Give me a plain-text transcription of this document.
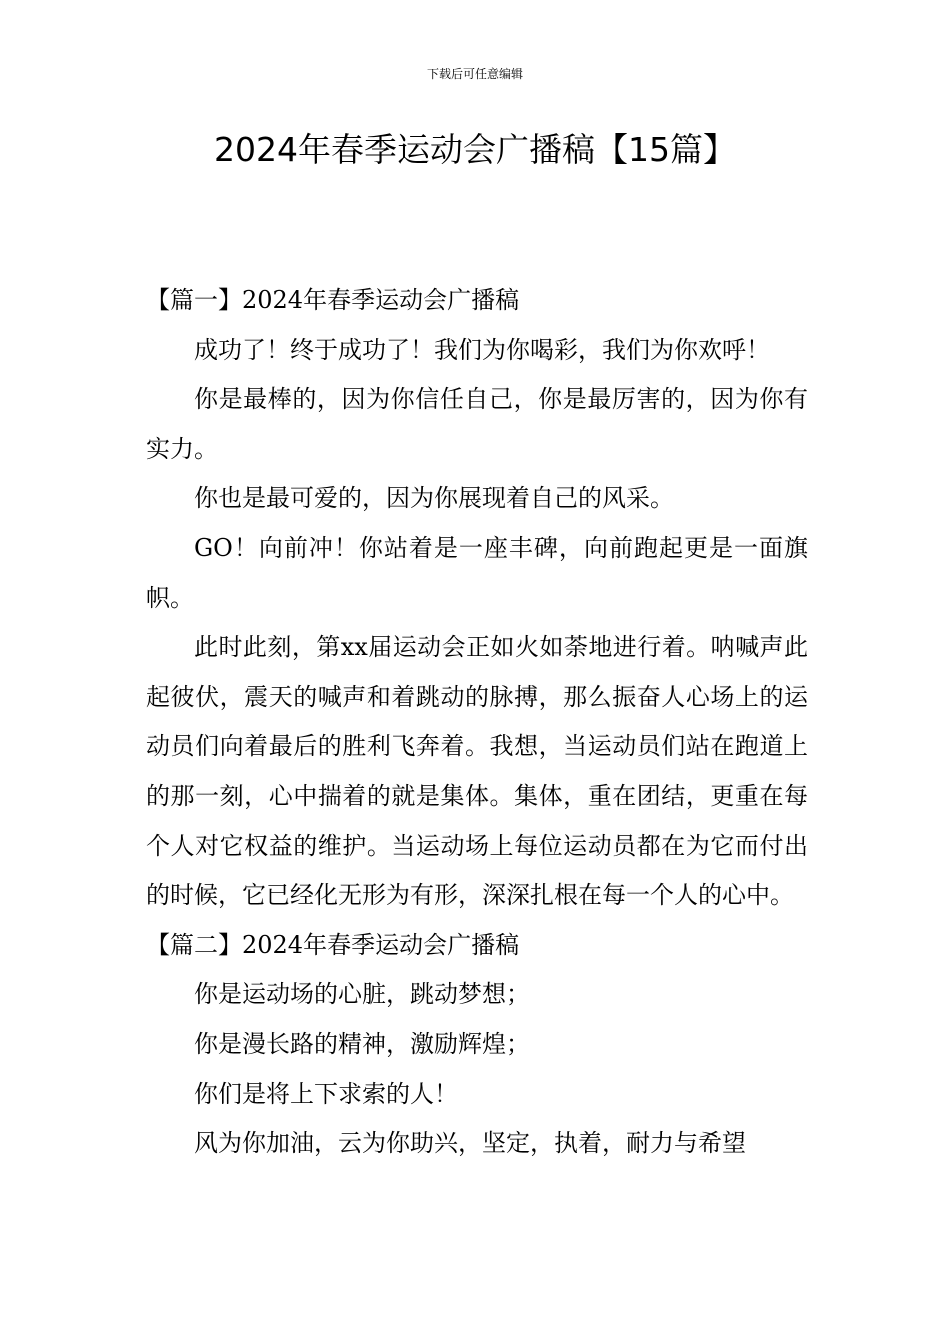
下载后可任意编辑
2024年春季运动会广播稿【15篇】
【篇一】2024年春季运动会广播稿

成功了！终于成功了！我们为你喝彩，我们为你欢呼！

你是最棒的，因为你信任自己，你是最厉害的，因为你有实力。

你也是最可爱的，因为你展现着自己的风采。

GO！向前冲！你站着是一座丰碑，向前跑起更是一面旗帜。

此时此刻，第xx届运动会正如火如荼地进行着。呐喊声此起彼伏，震天的喊声和着跳动的脉搏，那么振奋人心场上的运动员们向着最后的胜利飞奔着。我想，当运动员们站在跑道上的那一刻，心中揣着的就是集体。集体，重在团结，更重在每个人对它权益的维护。当运动场上每位运动员都在为它而付出的时候，它已经化无形为有形，深深扎根在每一个人的心中。

【篇二】2024年春季运动会广播稿

你是运动场的心脏，跳动梦想；

你是漫长路的精神，激励辉煌；

你们是将上下求索的人！

风为你加油，云为你助兴，坚定，执着，耐力与希望
